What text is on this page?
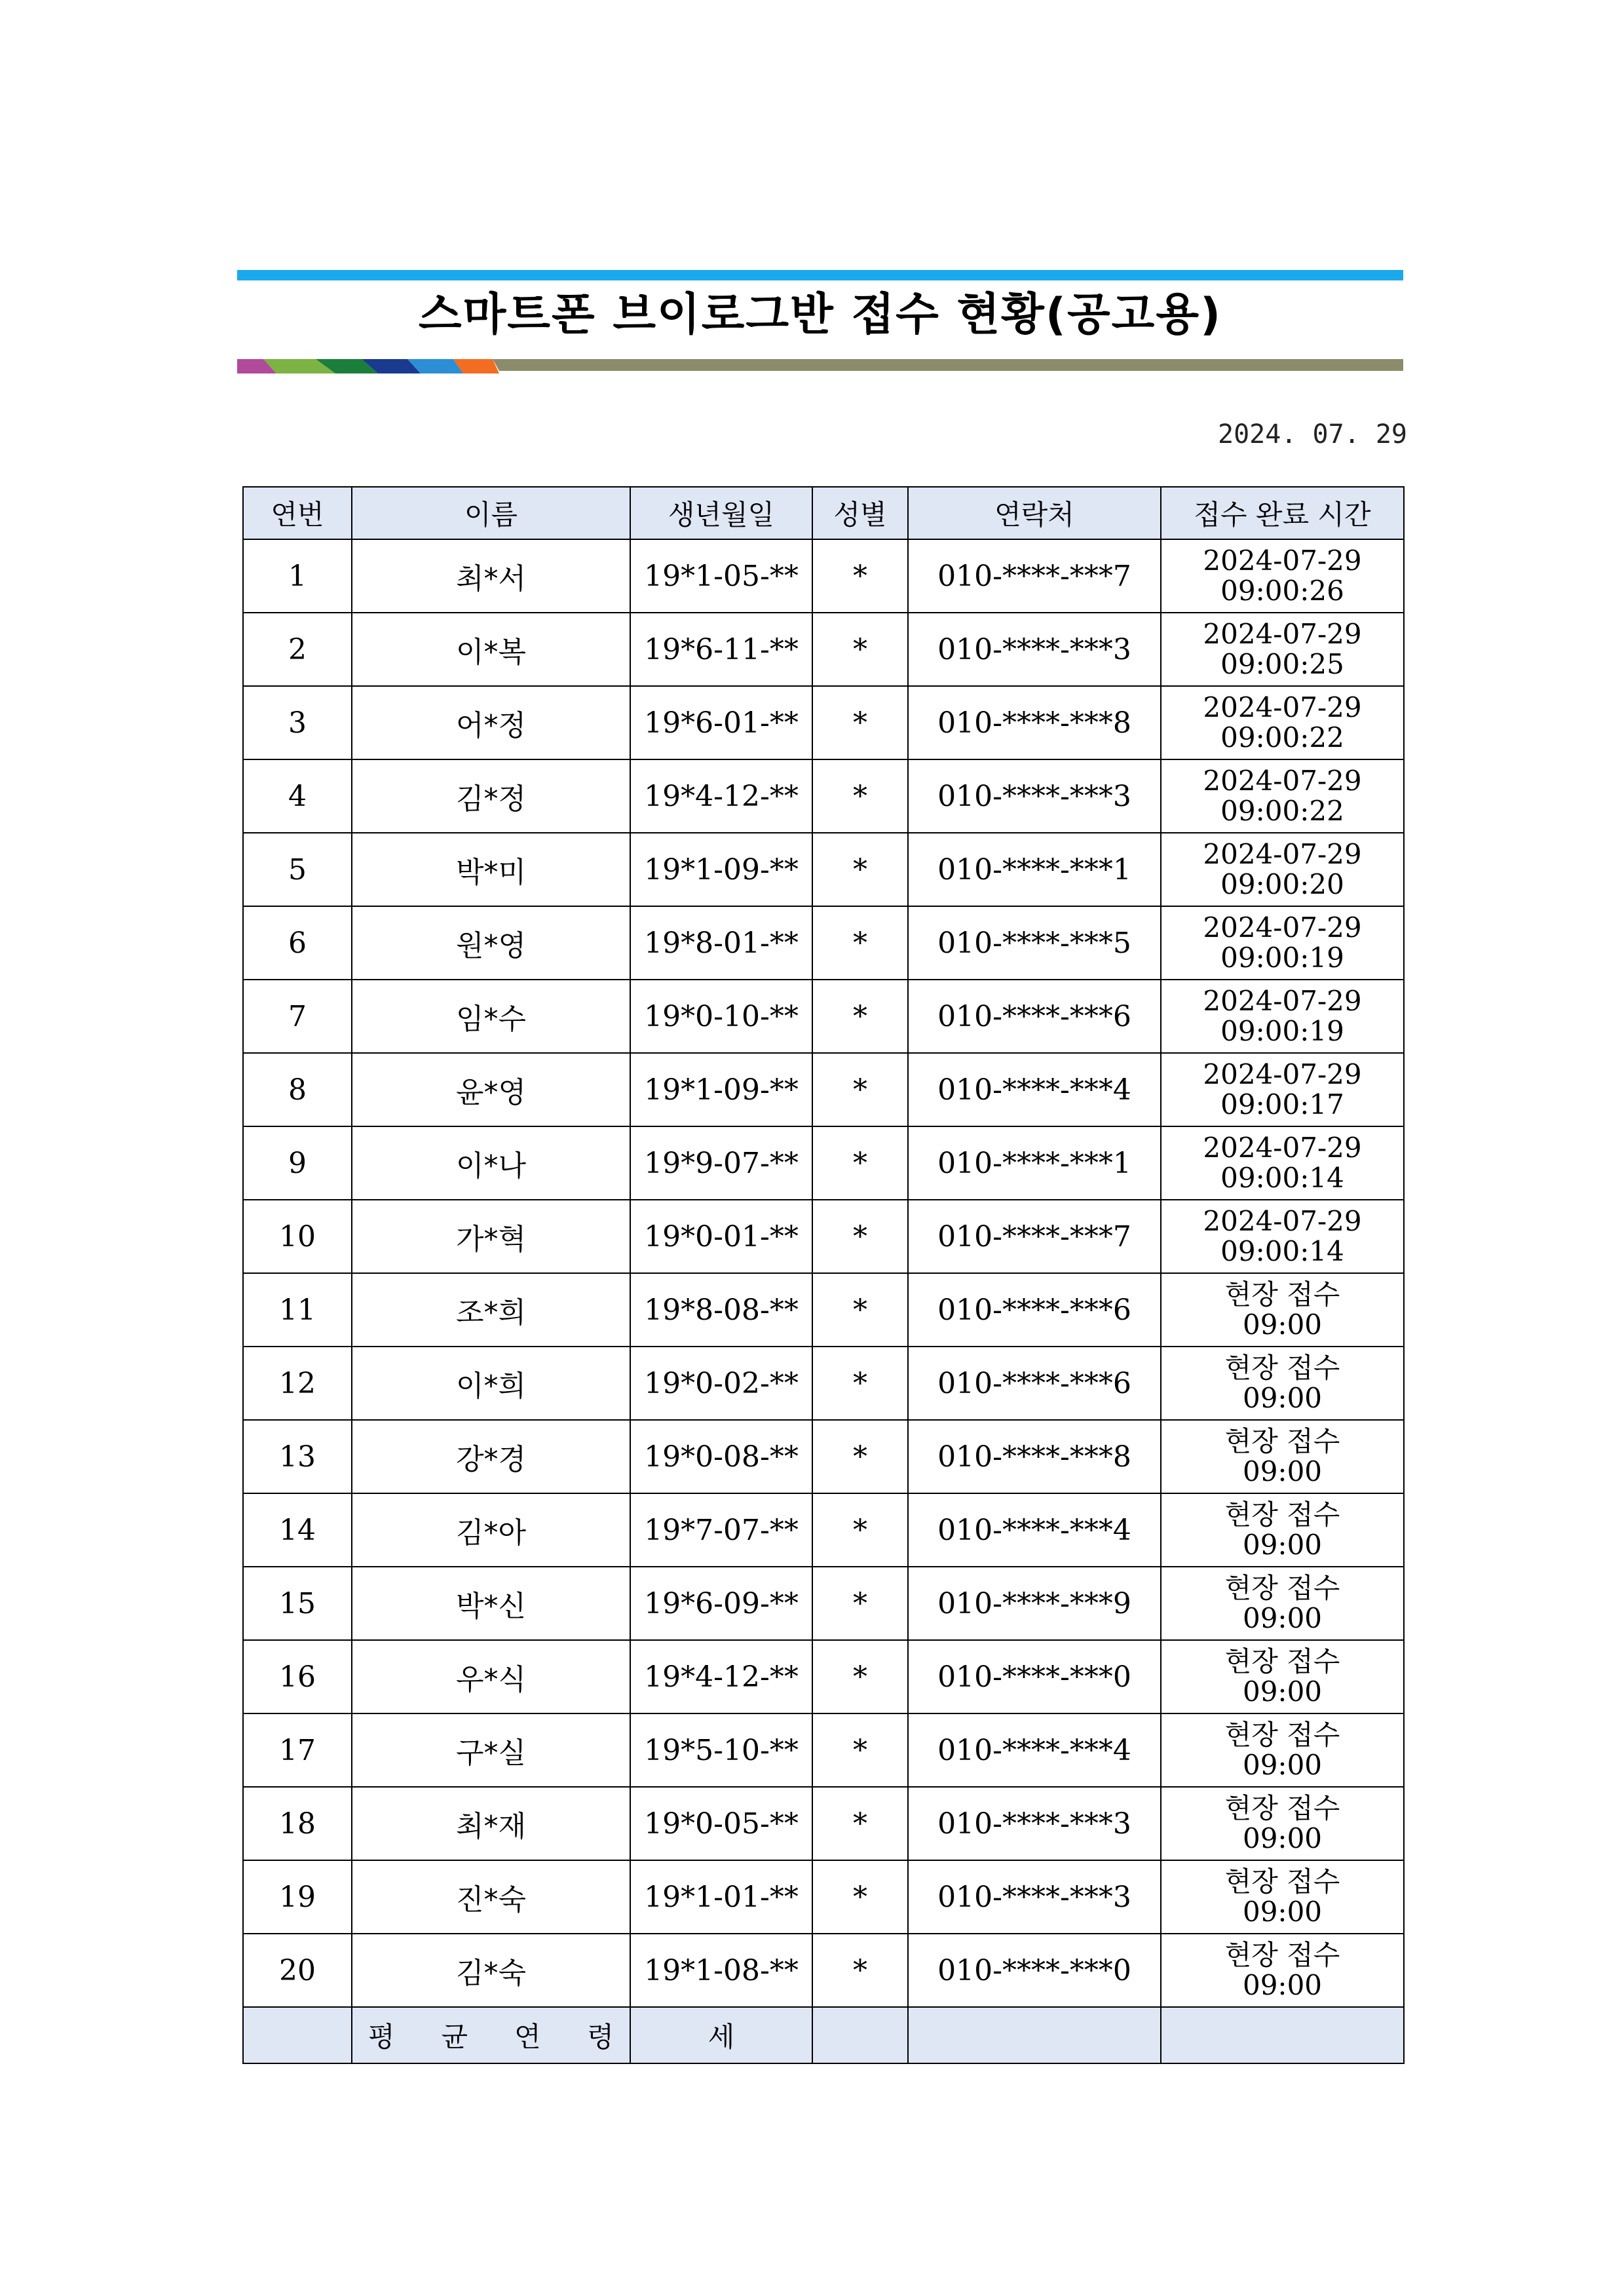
스마트폰 브이로그반 접수 현황(공고용)
2024. 07. 29
연번	이름	생년월일	성별	연락처	접수 완료 시간
1	최*서	19*1-05-**	*	010-****-***7	2024-07-29
09:00:26

2	이*복	19*6-11-**	*	010-****-***3	2024-07-29
09:00:25

3	어*정	19*6-01-**	*	010-****-***8	2024-07-29
09:00:22

4	김*정	19*4-12-**	*	010-****-***3	2024-07-29
09:00:22

5	박*미	19*1-09-**	*	010-****-***1	2024-07-29
09:00:20

6	원*영	19*8-01-**	*	010-****-***5	2024-07-29
09:00:19

7	임*수	19*0-10-**	*	010-****-***6	2024-07-29
09:00:19

8	윤*영	19*1-09-**	*	010-****-***4	2024-07-29
09:00:17

9	이*나	19*9-07-**	*	010-****-***1	2024-07-29
09:00:14

10	가*혁	19*0-01-**	*	010-****-***7	2024-07-29
09:00:14

11	조*희	19*8-08-**	*	010-****-***6	현장 접수
09:00

12	이*희	19*0-02-**	*	010-****-***6	현장 접수
09:00

13	강*경	19*0-08-**	*	010-****-***8	현장 접수
09:00

14	김*아	19*7-07-**	*	010-****-***4	현장 접수
09:00

15	박*신	19*6-09-**	*	010-****-***9	현장 접수
09:00

16	우*식	19*4-12-**	*	010-****-***0	현장 접수
09:00

17	구*실	19*5-10-**	*	010-****-***4	현장 접수
09:00

18	최*재	19*0-05-**	*	010-****-***3	현장 접수
09:00

19	진*숙	19*1-01-**	*	010-****-***3	현장 접수
09:00

20	김*숙	19*1-08-**	*	010-****-***0	현장 접수
09:00

	평 균 연 령	세			
